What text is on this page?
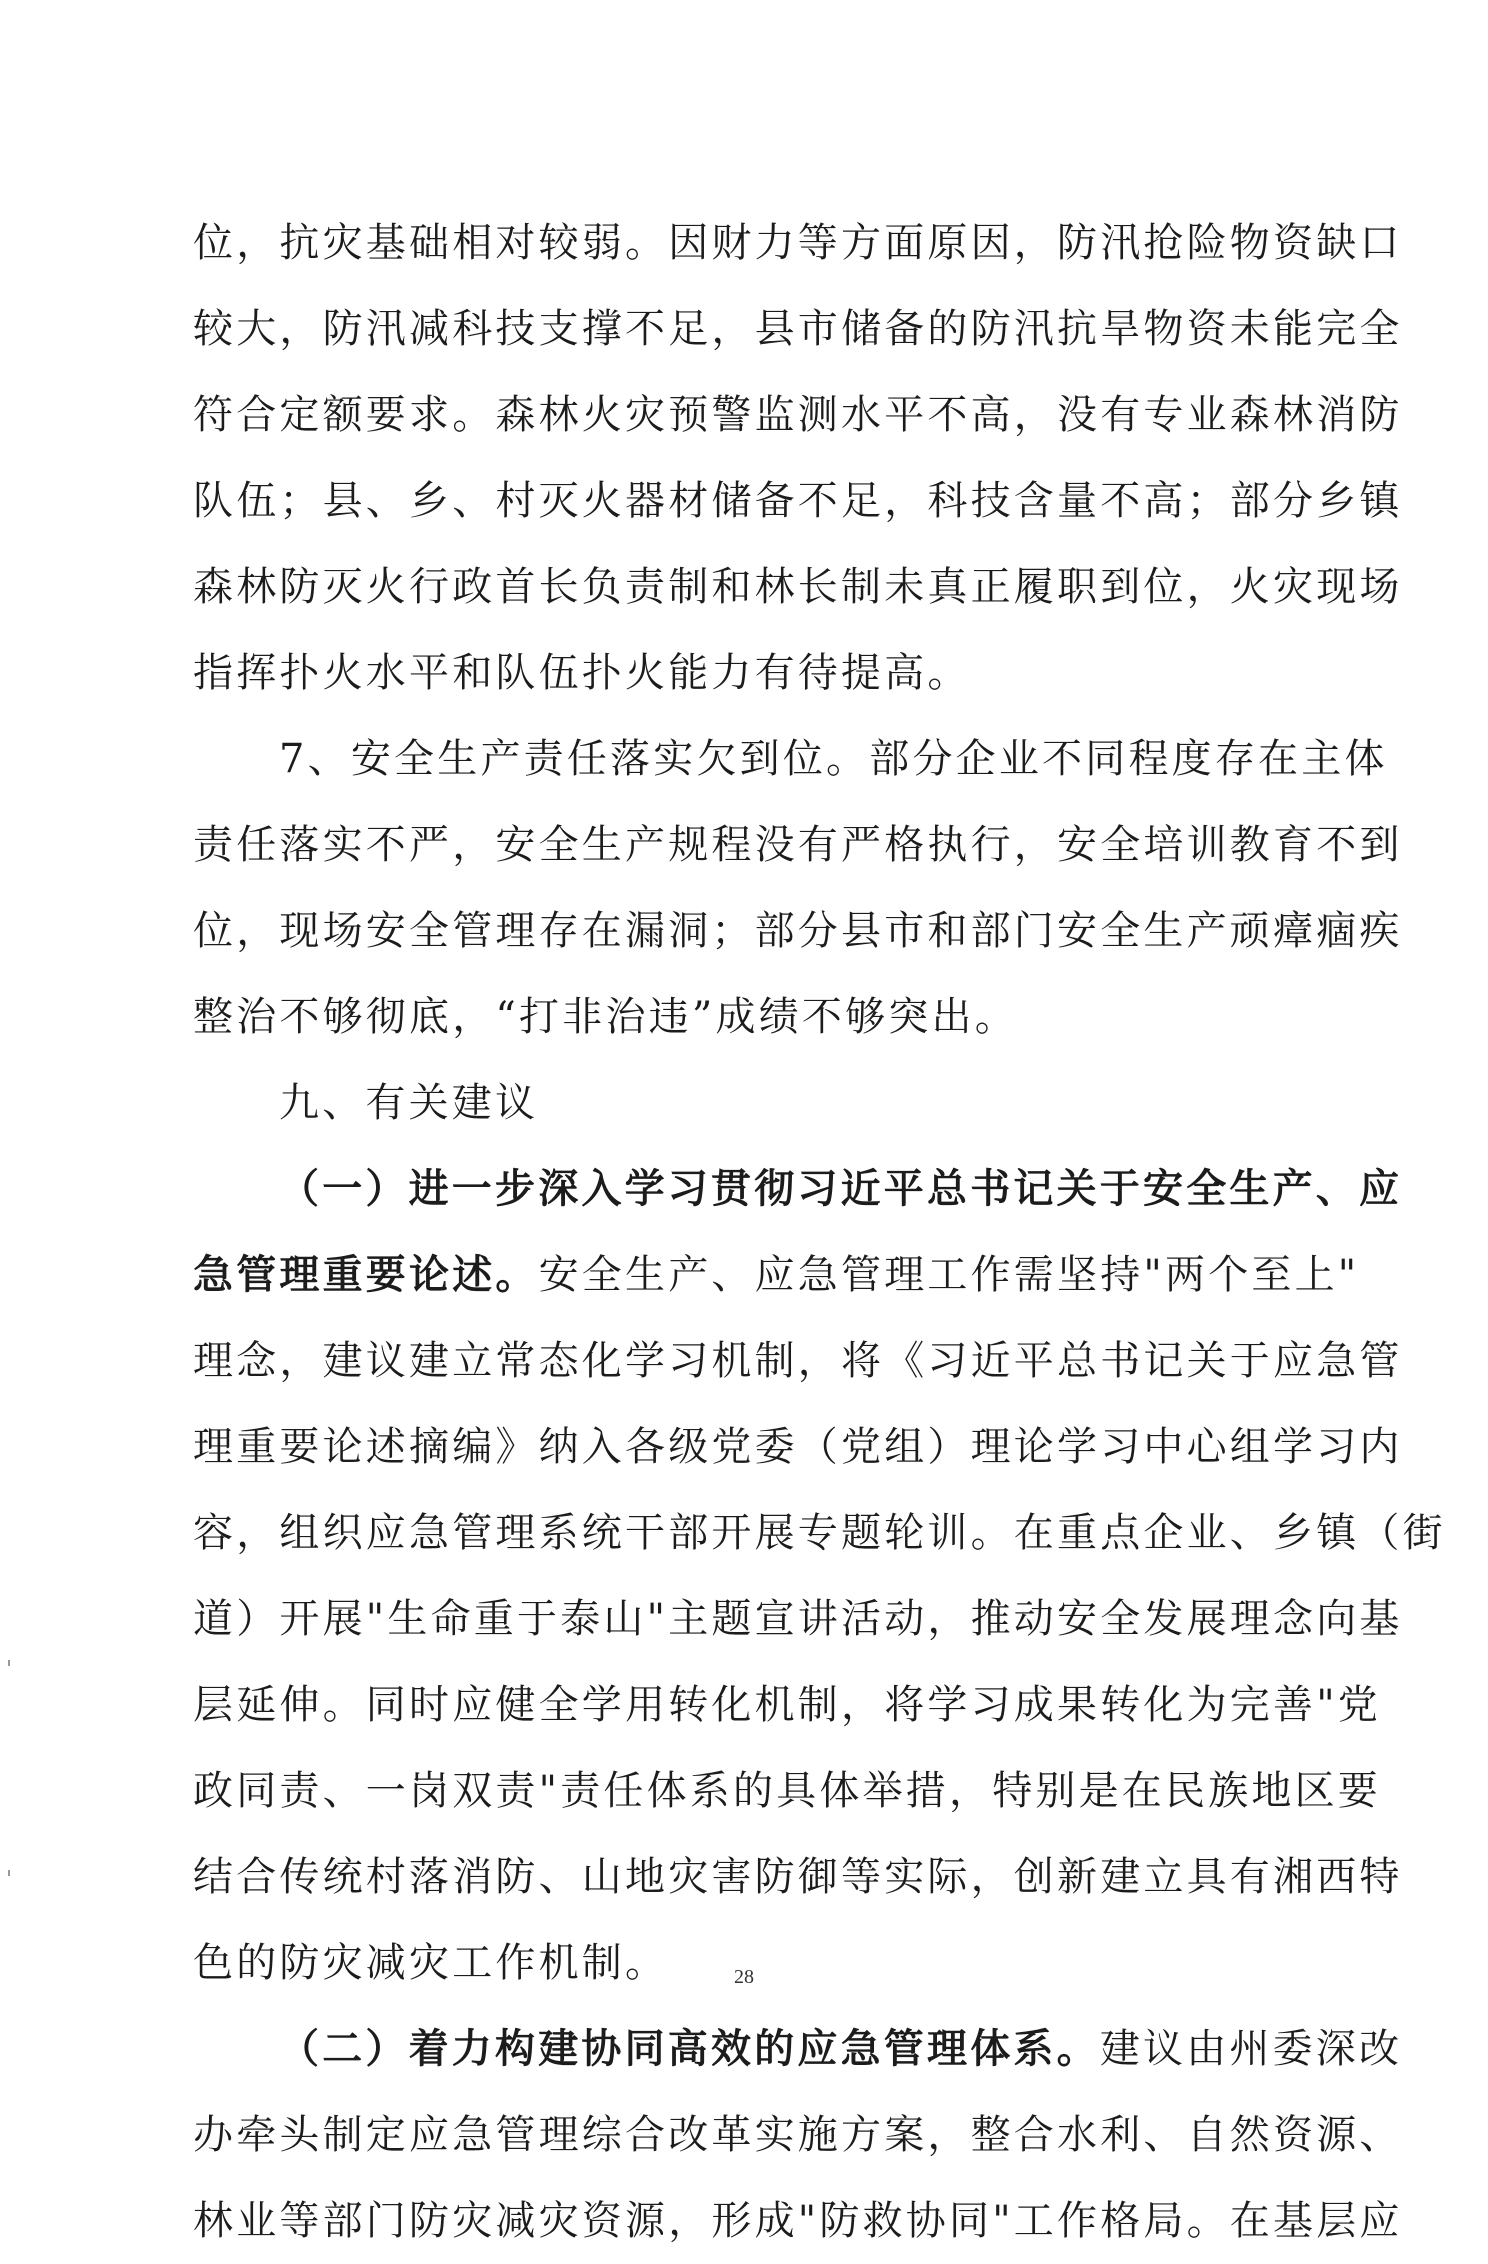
位，抗灾基础相对较弱。因财力等方面原因，防汛抢险物资缺口
较大，防汛减科技支撑不足，县市储备的防汛抗旱物资未能完全
符合定额要求。森林火灾预警监测水平不高，没有专业森林消防
队伍；县、乡、村灭火器材储备不足，科技含量不高；部分乡镇
森林防灭火行政首长负责制和林长制未真正履职到位，火灾现场
指挥扑火水平和队伍扑火能力有待提高。
7、安全生产责任落实欠到位。部分企业不同程度存在主体
责任落实不严，安全生产规程没有严格执行，安全培训教育不到
位，现场安全管理存在漏洞；部分县市和部门安全生产顽瘴痼疾
整治不够彻底，“打非治违”成绩不够突出。
九、有关建议
（一）进一步深入学习贯彻习近平总书记关于安全生产、应
急管理重要论述。安全生产、应急管理工作需坚持"两个至上"
理念，建议建立常态化学习机制，将《习近平总书记关于应急管
理重要论述摘编》纳入各级党委（党组）理论学习中心组学习内
容，组织应急管理系统干部开展专题轮训。在重点企业、乡镇（街
道）开展"生命重于泰山"主题宣讲活动，推动安全发展理念向基
层延伸。同时应健全学用转化机制，将学习成果转化为完善"党
政同责、一岗双责"责任体系的具体举措，特别是在民族地区要
结合传统村落消防、山地灾害防御等实际，创新建立具有湘西特
色的防灾减灾工作机制。
（二）着力构建协同高效的应急管理体系。建议由州委深改
办牵头制定应急管理综合改革实施方案，整合水利、自然资源、
林业等部门防灾减灾资源，形成"防救协同"工作格局。在基层应
28
